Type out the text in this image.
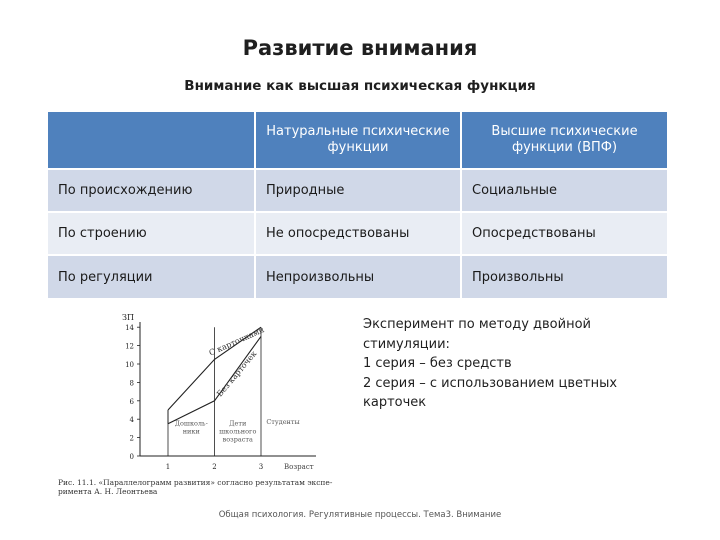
Развитие внимания
Внимание как высшая психическая функция
	Натуральные психические функции	Высшие психические функции (ВПФ)
По происхождению	Природные	Социальные
По строению	Не опосредствованы	Опосредствованы
По регуляции	Непроизвольны	Произвольны
ЗП
Возраст
0
2
4
6
8
10
12
14
1	2	3
С карточками
Без карточек
Дошколь-
ники
Дети
школьного
возраста
Студенты
Рис. 11.1. «Параллелограмм развития» согласно результатам экспе-
римента А. Н. Леонтьева
Эксперимент по методу двойной
стимуляции:
1 серия – без средств
2 серия – с использованием цветных
карточек
Общая психология. Регулятивные процессы. Тема3. Внимание
